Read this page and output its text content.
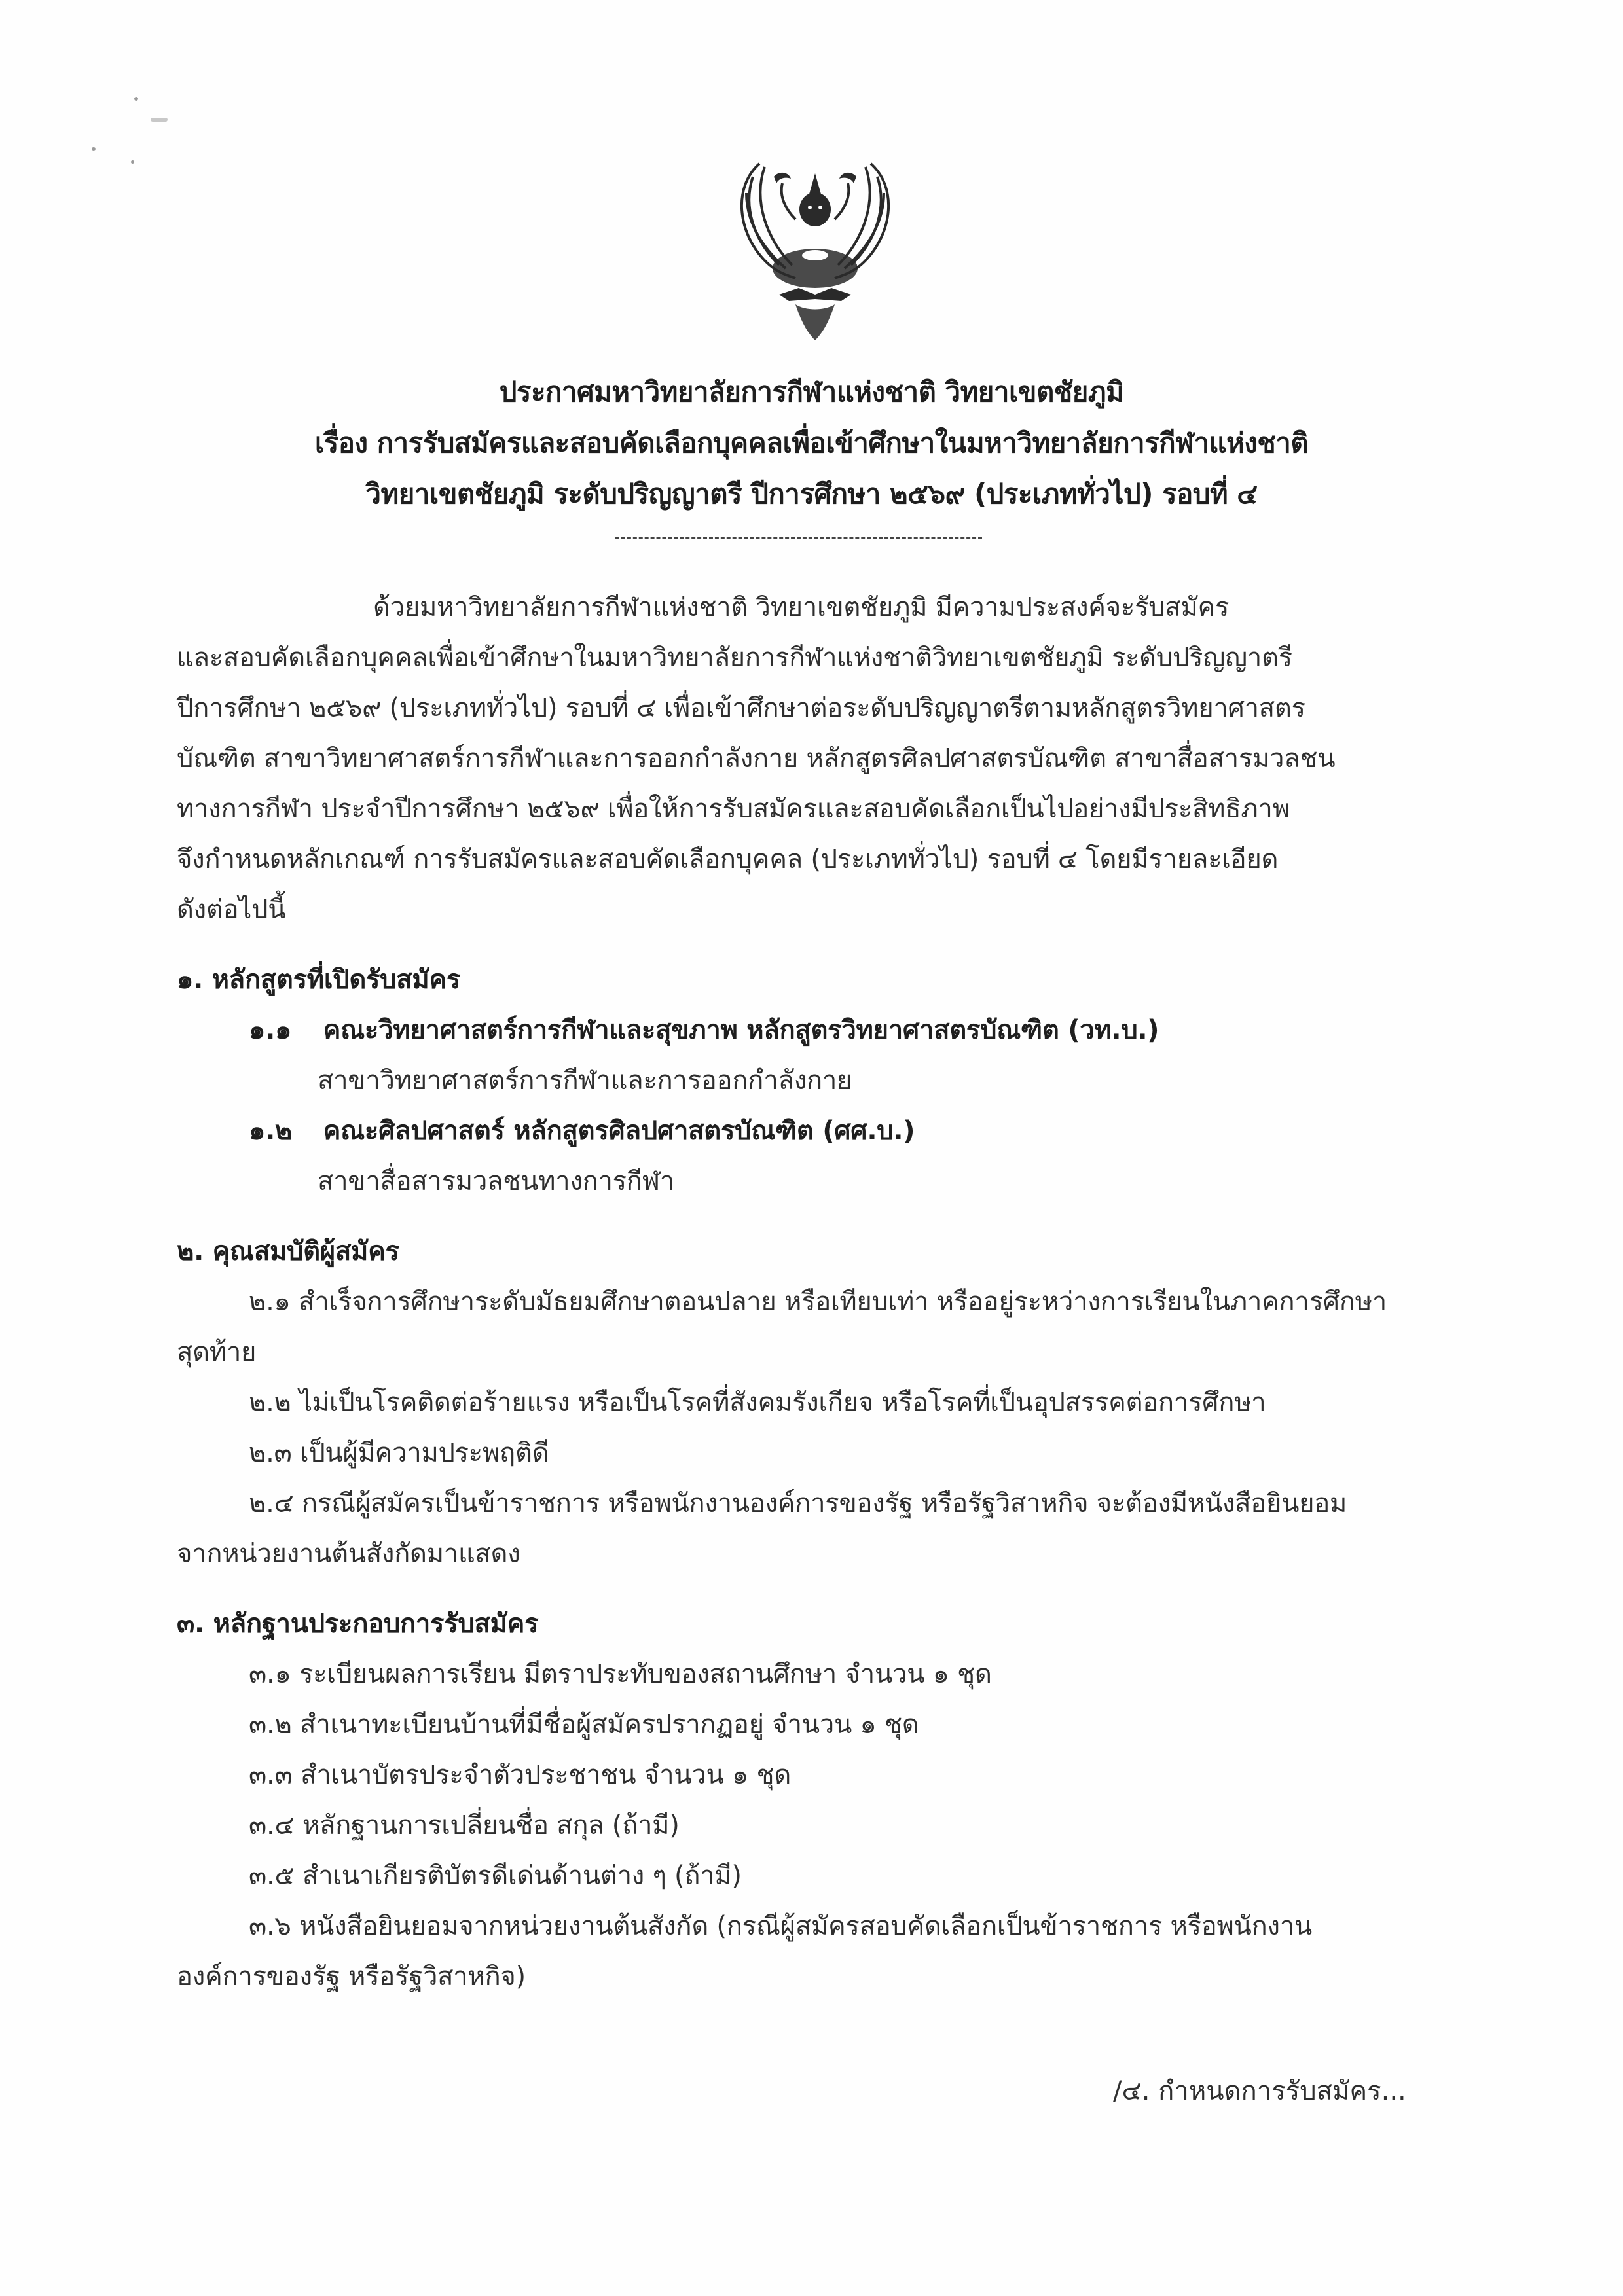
ประกาศมหาวิทยาลัยการกีฬาแห่งชาติ วิทยาเขตชัยภูมิ
เรื่อง การรับสมัครและสอบคัดเลือกบุคคลเพื่อเข้าศึกษาในมหาวิทยาลัยการกีฬาแห่งชาติ
วิทยาเขตชัยภูมิ ระดับปริญญาตรี ปีการศึกษา ๒๕๖๙ (ประเภททั่วไป) รอบที่ ๔
ด้วยมหาวิทยาลัยการกีฬาแห่งชาติ วิทยาเขตชัยภูมิ มีความประสงค์จะรับสมัคร
และสอบคัดเลือกบุคคลเพื่อเข้าศึกษาในมหาวิทยาลัยการกีฬาแห่งชาติวิทยาเขตชัยภูมิ ระดับปริญญาตรี
ปีการศึกษา ๒๕๖๙ (ประเภททั่วไป) รอบที่ ๔ เพื่อเข้าศึกษาต่อระดับปริญญาตรีตามหลักสูตรวิทยาศาสตร
บัณฑิต สาขาวิทยาศาสตร์การกีฬาและการออกกำลังกาย หลักสูตรศิลปศาสตรบัณฑิต สาขาสื่อสารมวลชน
ทางการกีฬา ประจำปีการศึกษา ๒๕๖๙ เพื่อให้การรับสมัครและสอบคัดเลือกเป็นไปอย่างมีประสิทธิภาพ
จึงกำหนดหลักเกณฑ์ การรับสมัครและสอบคัดเลือกบุคคล (ประเภททั่วไป) รอบที่ ๔ โดยมีรายละเอียด
ดังต่อไปนี้
๑. หลักสูตรที่เปิดรับสมัคร
๑.๑ คณะวิทยาศาสตร์การกีฬาและสุขภาพ หลักสูตรวิทยาศาสตรบัณฑิต (วท.บ.)
สาขาวิทยาศาสตร์การกีฬาและการออกกำลังกาย
๑.๒ คณะศิลปศาสตร์ หลักสูตรศิลปศาสตรบัณฑิต (ศศ.บ.)
สาขาสื่อสารมวลชนทางการกีฬา
๒. คุณสมบัติผู้สมัคร
๒.๑ สำเร็จการศึกษาระดับมัธยมศึกษาตอนปลาย หรือเทียบเท่า หรืออยู่ระหว่างการเรียนในภาคการศึกษา
สุดท้าย
๒.๒ ไม่เป็นโรคติดต่อร้ายแรง หรือเป็นโรคที่สังคมรังเกียจ หรือโรคที่เป็นอุปสรรคต่อการศึกษา
๒.๓ เป็นผู้มีความประพฤติดี
๒.๔ กรณีผู้สมัครเป็นข้าราชการ หรือพนักงานองค์การของรัฐ หรือรัฐวิสาหกิจ จะต้องมีหนังสือยินยอม
จากหน่วยงานต้นสังกัดมาแสดง
๓. หลักฐานประกอบการรับสมัคร
๓.๑ ระเบียนผลการเรียน มีตราประทับของสถานศึกษา จำนวน ๑ ชุด
๓.๒ สำเนาทะเบียนบ้านที่มีชื่อผู้สมัครปรากฏอยู่ จำนวน ๑ ชุด
๓.๓ สำเนาบัตรประจำตัวประชาชน จำนวน ๑ ชุด
๓.๔ หลักฐานการเปลี่ยนชื่อ สกุล (ถ้ามี)
๓.๕ สำเนาเกียรติบัตรดีเด่นด้านต่าง ๆ (ถ้ามี)
๓.๖ หนังสือยินยอมจากหน่วยงานต้นสังกัด (กรณีผู้สมัครสอบคัดเลือกเป็นข้าราชการ หรือพนักงาน
องค์การของรัฐ หรือรัฐวิสาหกิจ)
/๔. กำหนดการรับสมัคร...
